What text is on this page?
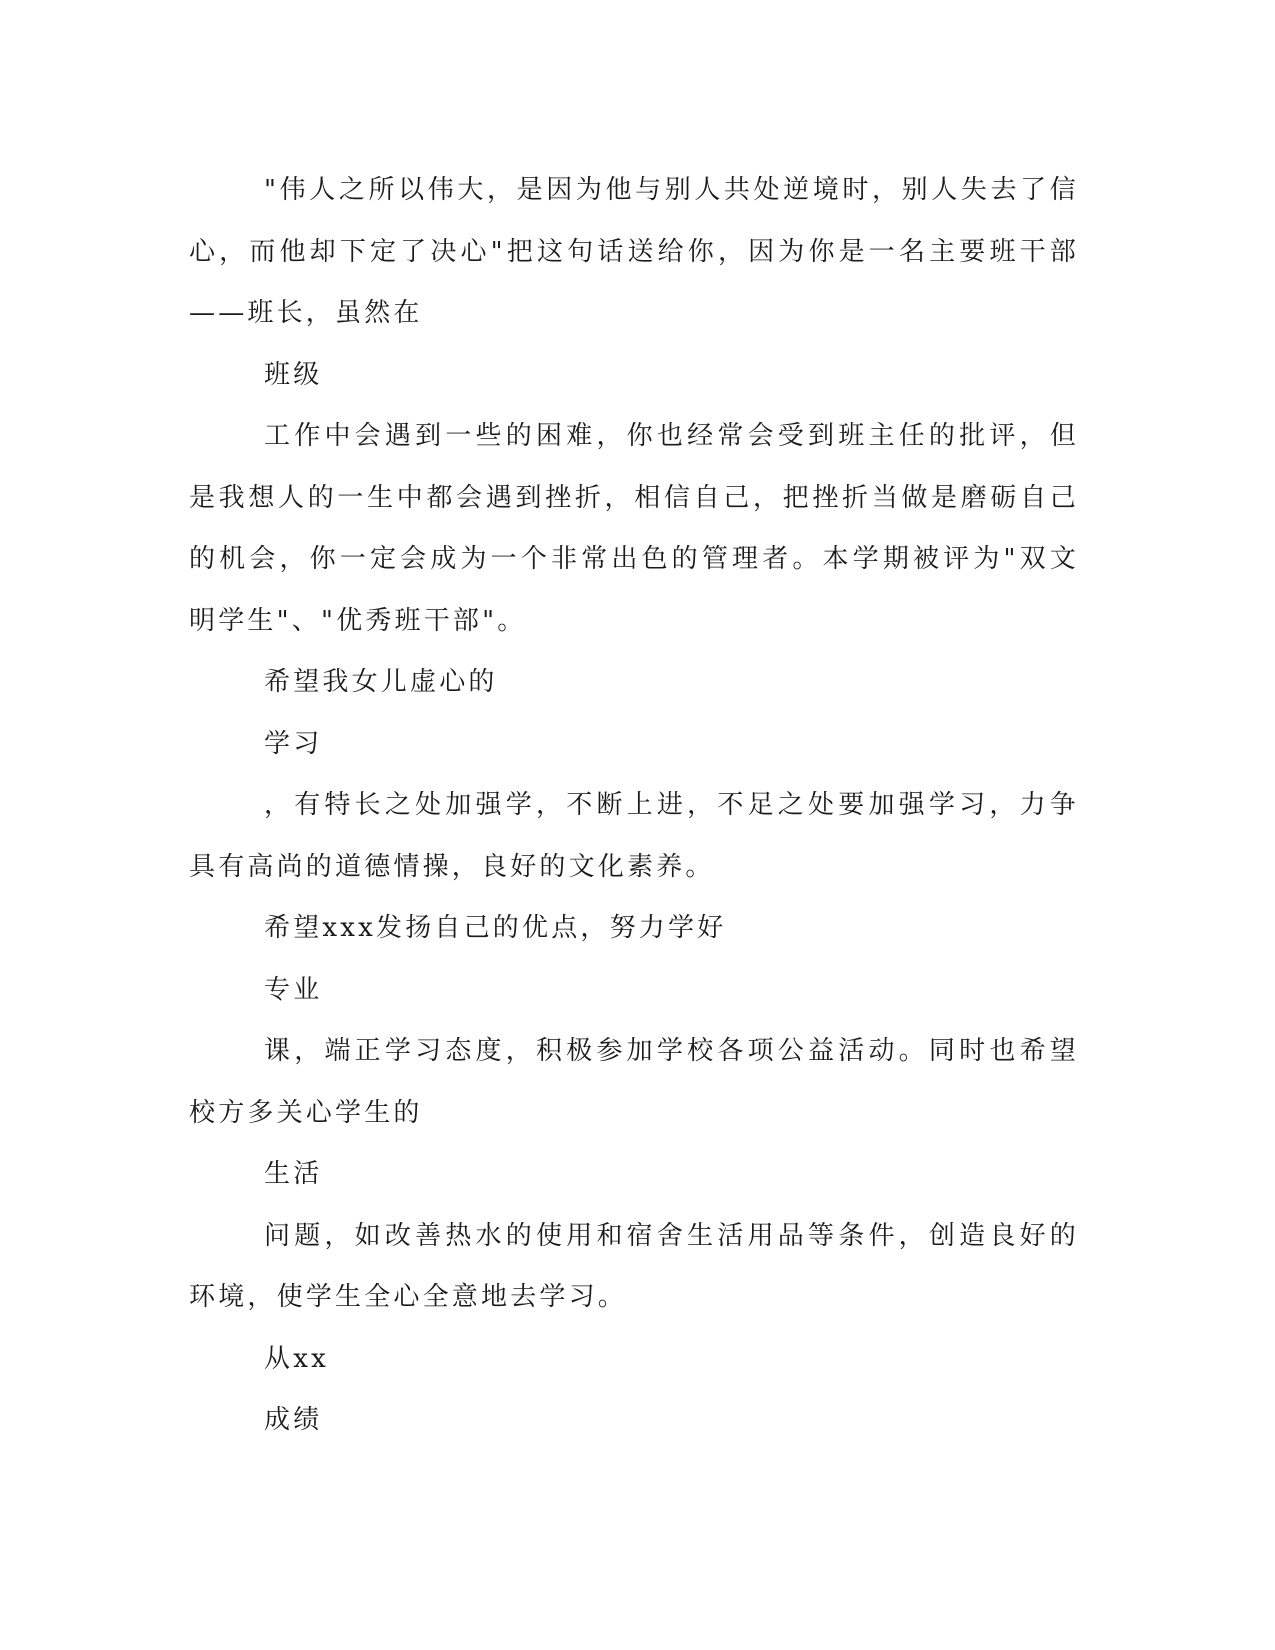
"伟人之所以伟大，是因为他与别人共处逆境时，别人失去了信心，而他却下定了决心"把这句话送给你，因为你是一名主要班干部——班长，虽然在

班级

工作中会遇到一些的困难，你也经常会受到班主任的批评，但是我想人的一生中都会遇到挫折，相信自己，把挫折当做是磨砺自己的机会，你一定会成为一个非常出色的管理者。本学期被评为"双文明学生"、"优秀班干部"。

希望我女儿虚心的

学习

，有特长之处加强学，不断上进，不足之处要加强学习，力争具有高尚的道德情操，良好的文化素养。

希望xxx发扬自己的优点，努力学好

专业

课，端正学习态度，积极参加学校各项公益活动。同时也希望校方多关心学生的

生活

问题，如改善热水的使用和宿舍生活用品等条件，创造良好的环境，使学生全心全意地去学习。

从xx

成绩
